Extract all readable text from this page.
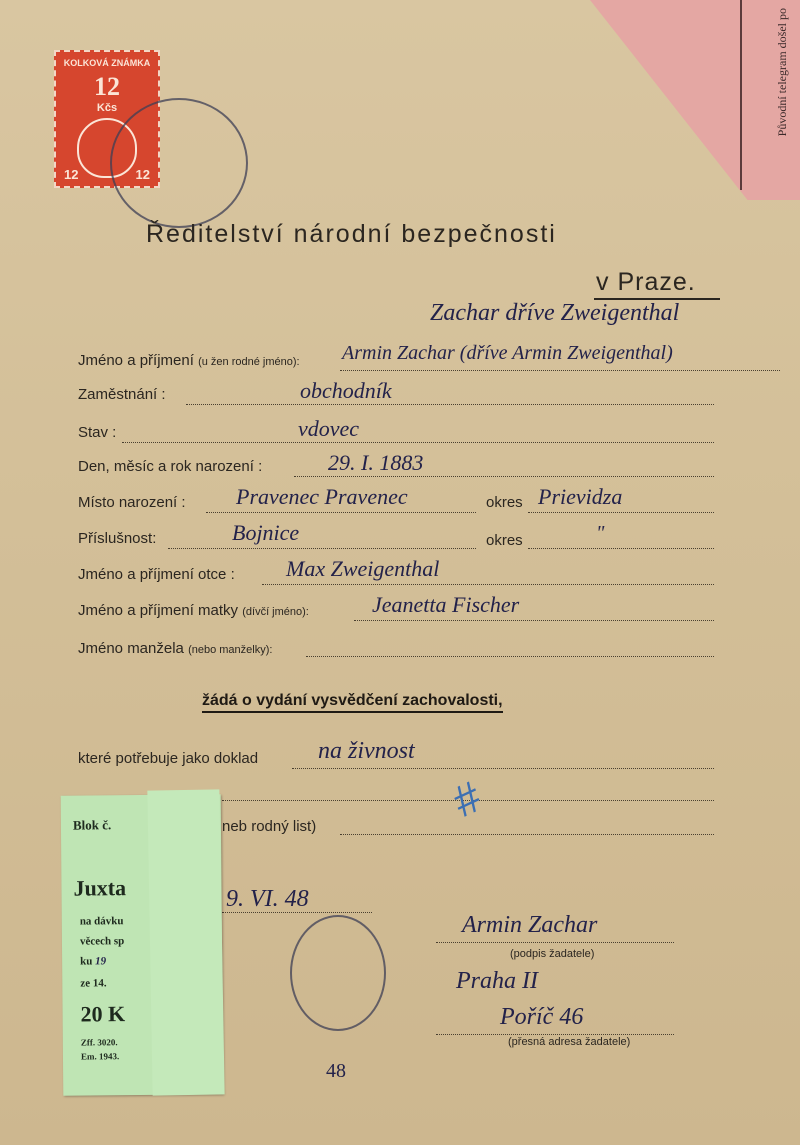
Původní telegram došel po
KOLKOVÁ ZNÁMKA
12
Kčs
12	12
Ředitelství národní bezpečnosti
v Praze.
Zachar dříve Zweigenthal
Jméno a příjmení (u žen rodné jméno): Armin Zachar (dříve Armin Zweigenthal)
Zaměstnání :	obchodník
Stav :	vdovec
Den, měsíc a rok narození :	29. I. 1883
Místo narození : Pravenec Pravenec	okres Prievidza
Příslušnost:	Bojnice	okres	"
Jméno a příjmení otce : Max Zweigenthal
Jméno a příjmení matky (dívčí jméno):	Jeanetta Fischer
Jméno manžela (nebo manželky):
žádá o vydání vysvědčení zachovalosti,
které potřebuje jako doklad na živnost
#
neb rodný list)
9. VI. 48
Armin Zachar
(podpis žadatele)
Praha II
Poříč 46
(přesná adresa žadatele)
48
Blok č.
Juxta
na dávku
věcech sp
ku 19
ze 14.
20 K
Zff. 3020.
Em. 1943.
